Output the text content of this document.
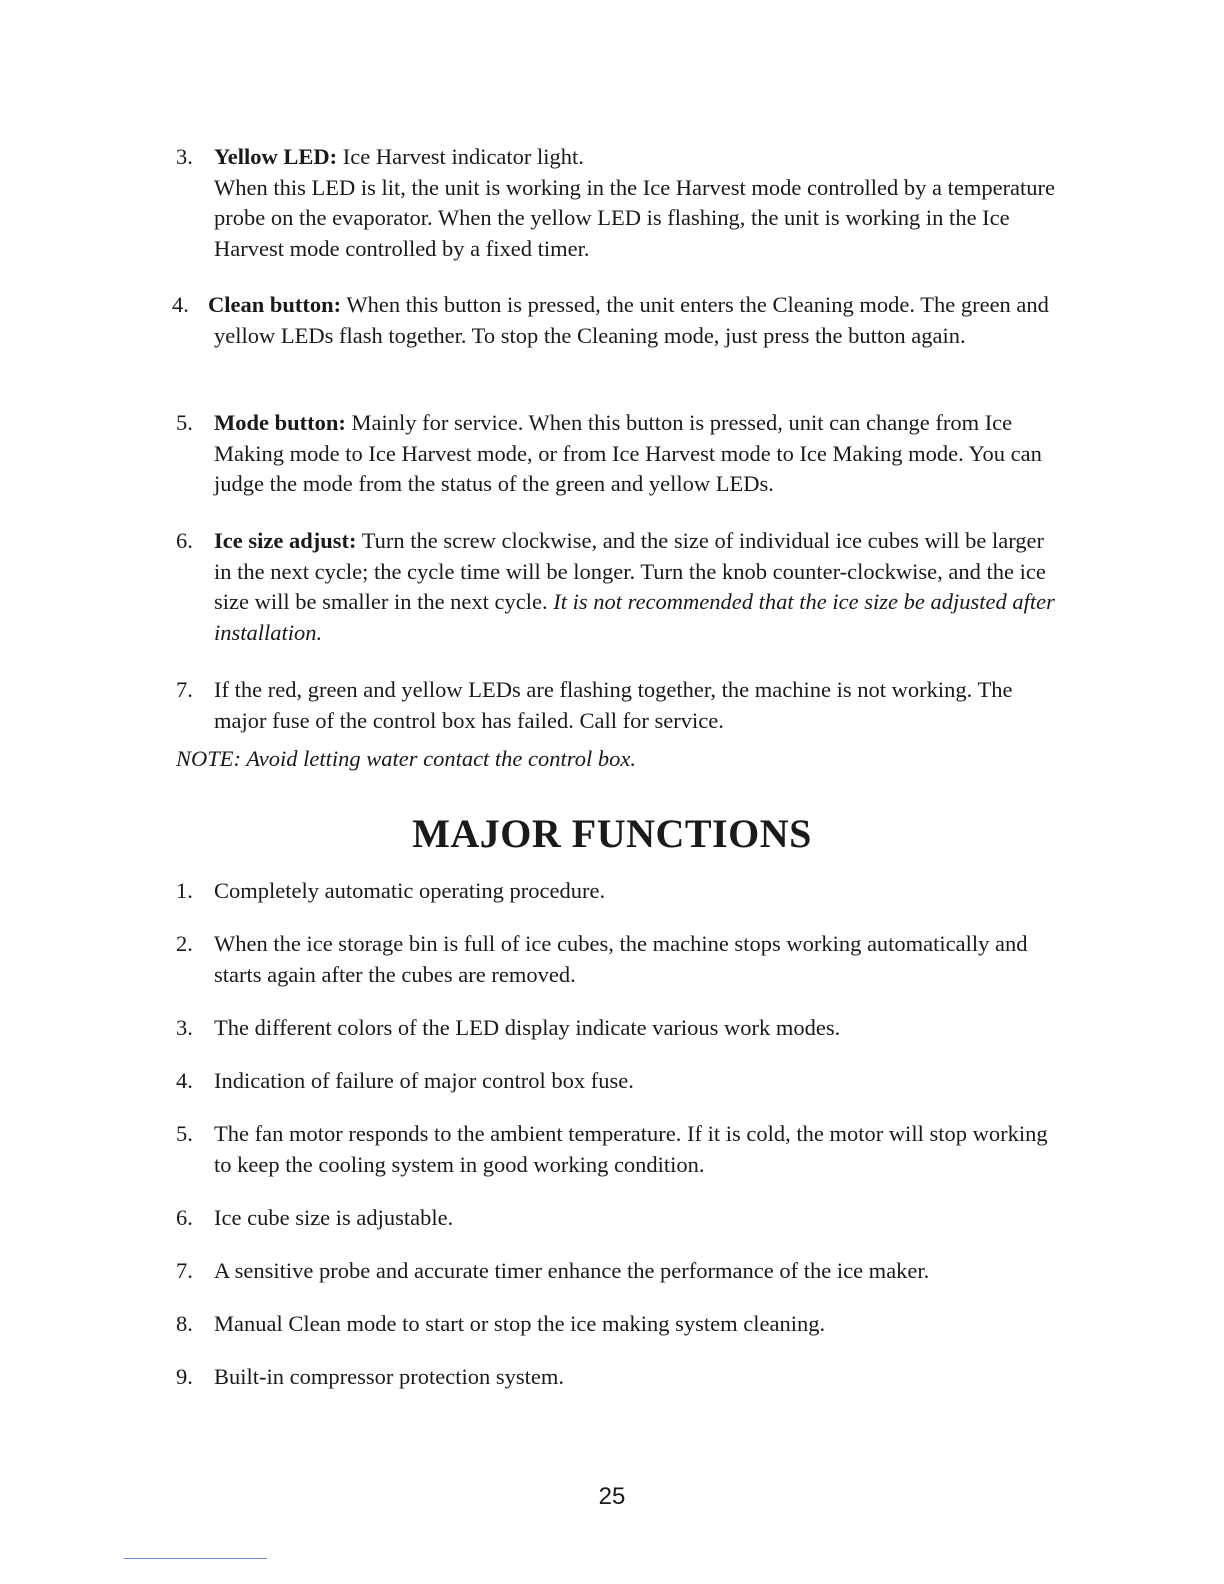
3. Yellow LED: Ice Harvest indicator light.
When this LED is lit, the unit is working in the Ice Harvest mode controlled by a temperature probe on the evaporator. When the yellow LED is flashing, the unit is working in the Ice Harvest mode controlled by a fixed timer.
4. Clean button: When this button is pressed, the unit enters the Cleaning mode. The green and yellow LEDs flash together. To stop the Cleaning mode, just press the button again.
5. Mode button: Mainly for service. When this button is pressed, unit can change from Ice Making mode to Ice Harvest mode, or from Ice Harvest mode to Ice Making mode. You can judge the mode from the status of the green and yellow LEDs.
6. Ice size adjust: Turn the screw clockwise, and the size of individual ice cubes will be larger in the next cycle; the cycle time will be longer. Turn the knob counter-clockwise, and the ice size will be smaller in the next cycle. It is not recommended that the ice size be adjusted after installation.
7. If the red, green and yellow LEDs are flashing together, the machine is not working. The major fuse of the control box has failed. Call for service.
NOTE: Avoid letting water contact the control box.
MAJOR FUNCTIONS
1. Completely automatic operating procedure.
2. When the ice storage bin is full of ice cubes, the machine stops working automatically and starts again after the cubes are removed.
3. The different colors of the LED display indicate various work modes.
4. Indication of failure of major control box fuse.
5. The fan motor responds to the ambient temperature. If it is cold, the motor will stop working to keep the cooling system in good working condition.
6. Ice cube size is adjustable.
7. A sensitive probe and accurate timer enhance the performance of the ice maker.
8. Manual Clean mode to start or stop the ice making system cleaning.
9. Built-in compressor protection system.
25
